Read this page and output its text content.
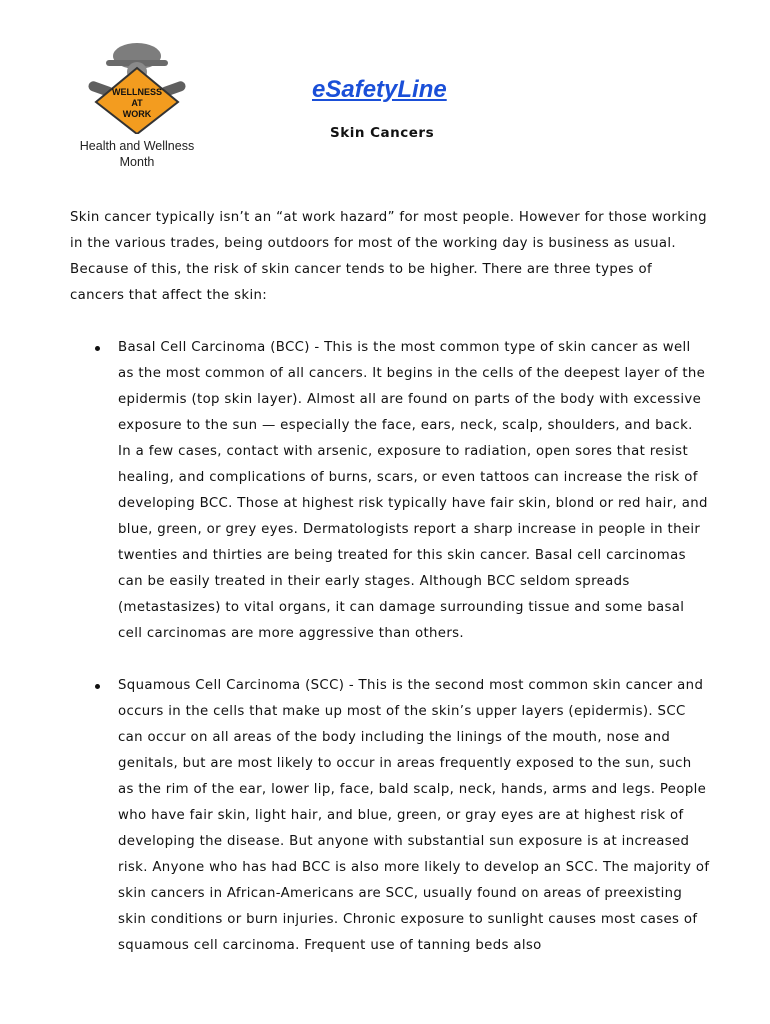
WELLNESS
AT
WORK
Health and Wellness Month
eSafetyLine
Skin Cancers

Skin cancer typically isn’t an “at work hazard” for most people. However for those working in the various trades, being outdoors for most of the working day is business as usual. Because of this, the risk of skin cancer tends to be higher. There are three types of cancers that affect the skin:

Basal Cell Carcinoma (BCC) - This is the most common type of skin cancer as well as the most common of all cancers. It begins in the cells of the deepest layer of the epidermis (top skin layer). Almost all are found on parts of the body with excessive exposure to the sun — especially the face, ears, neck, scalp, shoulders, and back. In a few cases, contact with arsenic, exposure to radiation, open sores that resist healing, and complications of burns, scars, or even tattoos can increase the risk of developing BCC. Those at highest risk typically have fair skin, blond or red hair, and blue, green, or grey eyes. Dermatologists report a sharp increase in people in their twenties and thirties are being treated for this skin cancer. Basal cell carcinomas can be easily treated in their early stages. Although BCC seldom spreads (metastasizes) to vital organs, it can damage surrounding tissue and some basal cell carcinomas are more aggressive than others.
Squamous Cell Carcinoma (SCC) - This is the second most common skin cancer and occurs in the cells that make up most of the skin’s upper layers (epidermis). SCC can occur on all areas of the body including the linings of the mouth, nose and genitals, but are most likely to occur in areas frequently exposed to the sun, such as the rim of the ear, lower lip, face, bald scalp, neck, hands, arms and legs. People who have fair skin, light hair, and blue, green, or gray eyes are at highest risk of developing the disease. But anyone with substantial sun exposure is at increased risk. Anyone who has had BCC is also more likely to develop an SCC. The majority of skin cancers in African-Americans are SCC, usually found on areas of preexisting skin conditions or burn injuries. Chronic exposure to sunlight causes most cases of squamous cell carcinoma. Frequent use of tanning beds also
